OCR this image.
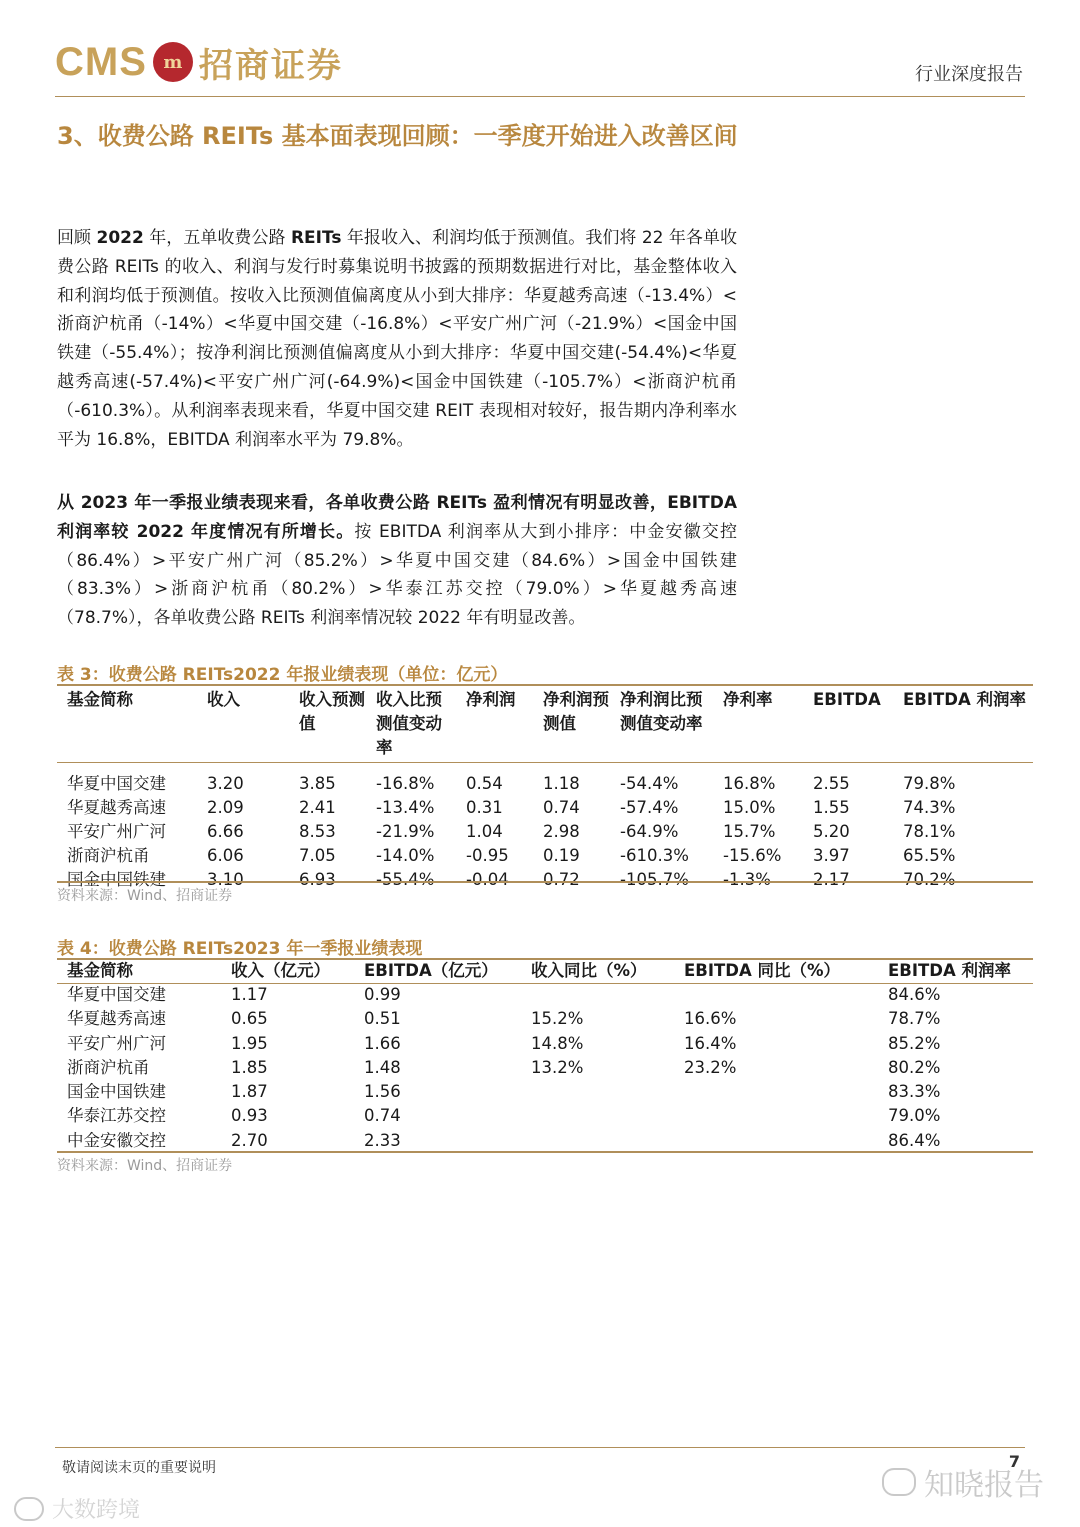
CMS m 招商证券	行业深度报告
3、收费公路 REITs 基本面表现回顾：一季度开始进入改善区间
回顾 2022 年，五单收费公路 REITs 年报收入、利润均低于预测值。我们将 22 年各单收费公路 REITs 的收入、利润与发行时募集说明书披露的预期数据进行对比，基金整体收入和利润均低于预测值。按收入比预测值偏离度从小到大排序：华夏越秀高速（-13.4%）<浙商沪杭甬（-14%）<华夏中国交建（-16.8%）<平安广州广河（-21.9%）<国金中国铁建（-55.4%）；按净利润比预测值偏离度从小到大排序：华夏中国交建(-54.4%)<华夏越秀高速(-57.4%)<平安广州广河(-64.9%)<国金中国铁建（-105.7%）<浙商沪杭甬（-610.3%）。从利润率表现来看，华夏中国交建 REIT 表现相对较好，报告期内净利率水平为 16.8%，EBITDA 利润率水平为 79.8%。
从 2023 年一季报业绩表现来看，各单收费公路 REITs 盈利情况有明显改善，EBITDA 利润率较 2022 年度情况有所增长。按 EBITDA 利润率从大到小排序：中金安徽交控（86.4%）>平安广州广河（85.2%）>华夏中国交建（84.6%）>国金中国铁建（83.3%）>浙商沪杭甬（80.2%）>华泰江苏交控（79.0%）>华夏越秀高速（78.7%），各单收费公路 REITs 利润率情况较 2022 年有明显改善。
表 3：收费公路 REITs2022 年报业绩表现（单位：亿元）
基金简称	收入	收入预测值	收入比预测值变动率	净利润	净利润预测值	净利润比预测值变动率	净利率	EBITDA	EBITDA 利润率
华夏中国交建	3.20	3.85	-16.8%	0.54	1.18	-54.4%	16.8%	2.55	79.8%
华夏越秀高速	2.09	2.41	-13.4%	0.31	0.74	-57.4%	15.0%	1.55	74.3%
平安广州广河	6.66	8.53	-21.9%	1.04	2.98	-64.9%	15.7%	5.20	78.1%
浙商沪杭甬	6.06	7.05	-14.0%	-0.95	0.19	-610.3%	-15.6%	3.97	65.5%
国金中国铁建	3.10	6.93	-55.4%	-0.04	0.72	-105.7%	-1.3%	2.17	70.2%
资料来源：Wind、招商证券
表 4：收费公路 REITs2023 年一季报业绩表现
基金简称	收入（亿元）	EBITDA（亿元）	收入同比（%）	EBITDA 同比（%）	EBITDA 利润率
华夏中国交建	1.17	0.99			84.6%
华夏越秀高速	0.65	0.51	15.2%	16.6%	78.7%
平安广州广河	1.95	1.66	14.8%	16.4%	85.2%
浙商沪杭甬	1.85	1.48	13.2%	23.2%	80.2%
国金中国铁建	1.87	1.56			83.3%
华泰江苏交控	0.93	0.74			79.0%
中金安徽交控	2.70	2.33			86.4%
资料来源：Wind、招商证券
敬请阅读末页的重要说明	7
知晓报告
大数跨境
